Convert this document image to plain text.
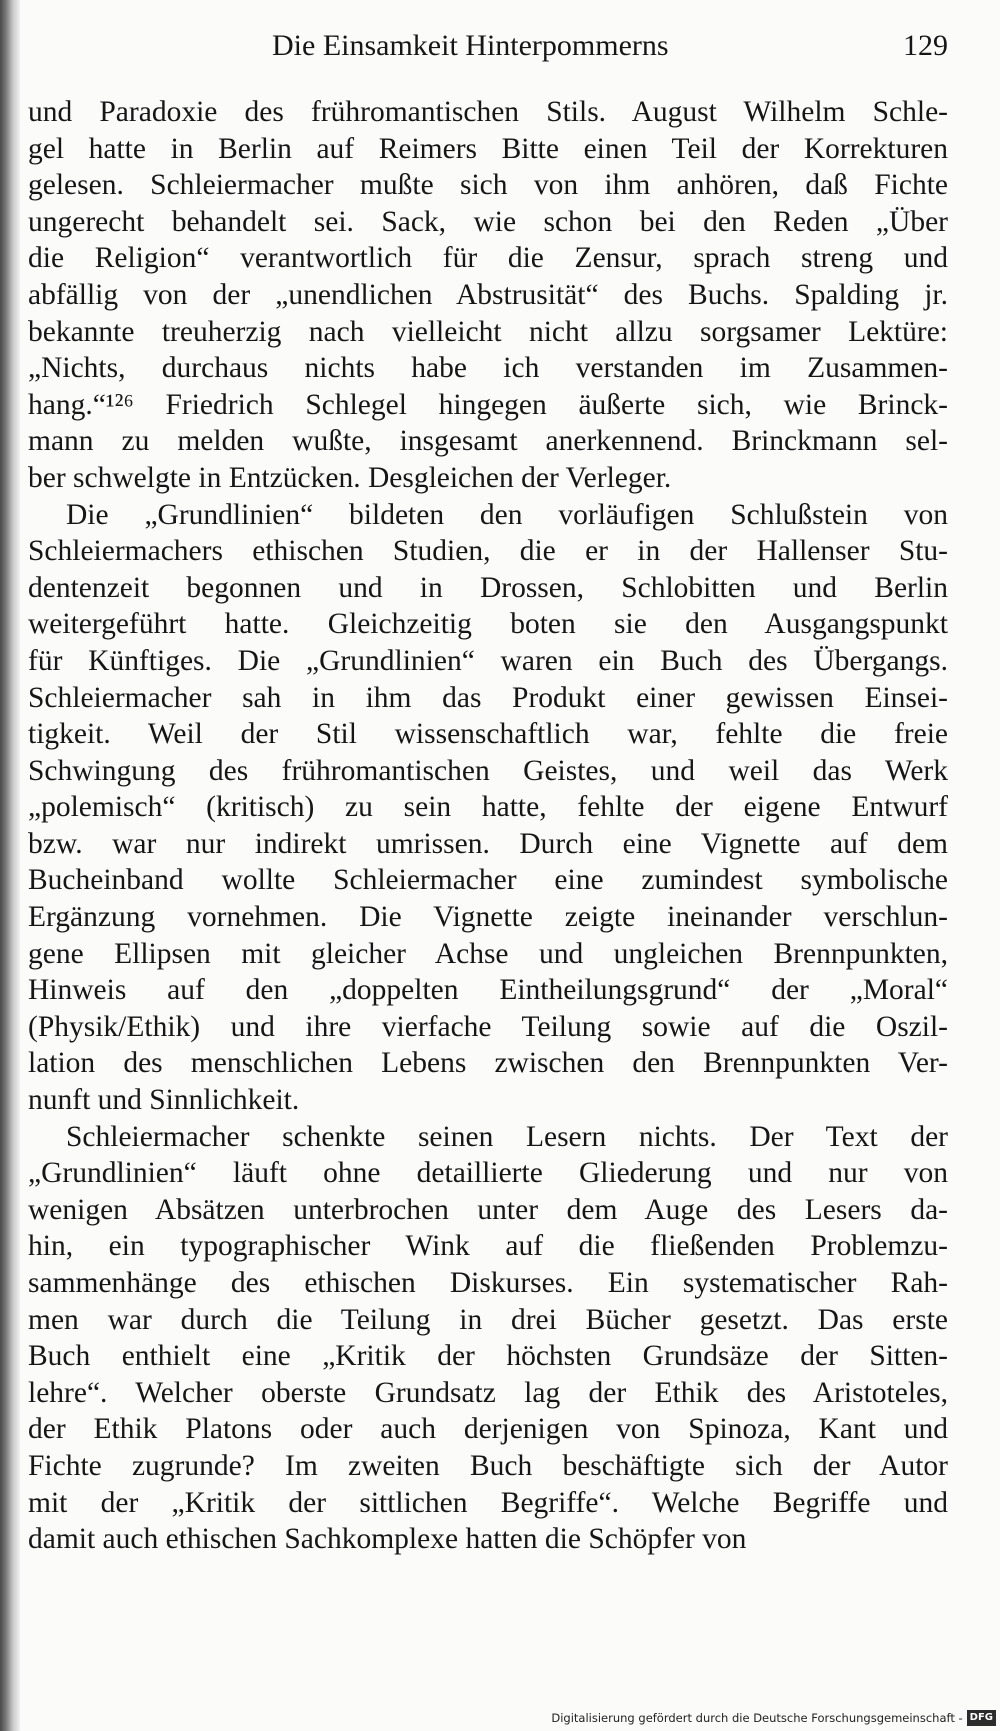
Die Einsamkeit Hinterpommerns	129
und Paradoxie des frühromantischen Stils. August Wilhelm Schle-
gel hatte in Berlin auf Reimers Bitte einen Teil der Korrekturen
gelesen. Schleiermacher mußte sich von ihm anhören, daß Fichte
ungerecht behandelt sei. Sack, wie schon bei den Reden „Über
die Religion“ verantwortlich für die Zensur, sprach streng und
abfällig von der „unendlichen Abstrusität“ des Buchs. Spalding jr.
bekannte treuherzig nach vielleicht nicht allzu sorgsamer Lektüre:
„Nichts, durchaus nichts habe ich verstanden im Zusammen-
hang.“¹²⁶ Friedrich Schlegel hingegen äußerte sich, wie Brinck-
mann zu melden wußte, insgesamt anerkennend. Brinckmann sel-
ber schwelgte in Entzücken. Desgleichen der Verleger.
Die „Grundlinien“ bildeten den vorläufigen Schlußstein von
Schleiermachers ethischen Studien, die er in der Hallenser Stu-
dentenzeit begonnen und in Drossen, Schlobitten und Berlin
weitergeführt hatte. Gleichzeitig boten sie den Ausgangspunkt
für Künftiges. Die „Grundlinien“ waren ein Buch des Übergangs.
Schleiermacher sah in ihm das Produkt einer gewissen Einsei-
tigkeit. Weil der Stil wissenschaftlich war, fehlte die freie
Schwingung des frühromantischen Geistes, und weil das Werk
„polemisch“ (kritisch) zu sein hatte, fehlte der eigene Entwurf
bzw. war nur indirekt umrissen. Durch eine Vignette auf dem
Bucheinband wollte Schleiermacher eine zumindest symbolische
Ergänzung vornehmen. Die Vignette zeigte ineinander verschlun-
gene Ellipsen mit gleicher Achse und ungleichen Brennpunkten,
Hinweis auf den „doppelten Eintheilungsgrund“ der „Moral“
(Physik/Ethik) und ihre vierfache Teilung sowie auf die Oszil-
lation des menschlichen Lebens zwischen den Brennpunkten Ver-
nunft und Sinnlichkeit.
Schleiermacher schenkte seinen Lesern nichts. Der Text der
„Grundlinien“ läuft ohne detaillierte Gliederung und nur von
wenigen Absätzen unterbrochen unter dem Auge des Lesers da-
hin, ein typographischer Wink auf die fließenden Problemzu-
sammenhänge des ethischen Diskurses. Ein systematischer Rah-
men war durch die Teilung in drei Bücher gesetzt. Das erste
Buch enthielt eine „Kritik der höchsten Grundsäze der Sitten-
lehre“. Welcher oberste Grundsatz lag der Ethik des Aristoteles,
der Ethik Platons oder auch derjenigen von Spinoza, Kant und
Fichte zugrunde? Im zweiten Buch beschäftigte sich der Autor
mit der „Kritik der sittlichen Begriffe“. Welche Begriffe und
damit auch ethischen Sachkomplexe hatten die Schöpfer von
Digitalisierung gefördert durch die Deutsche Forschungsgemeinschaft - DFG
